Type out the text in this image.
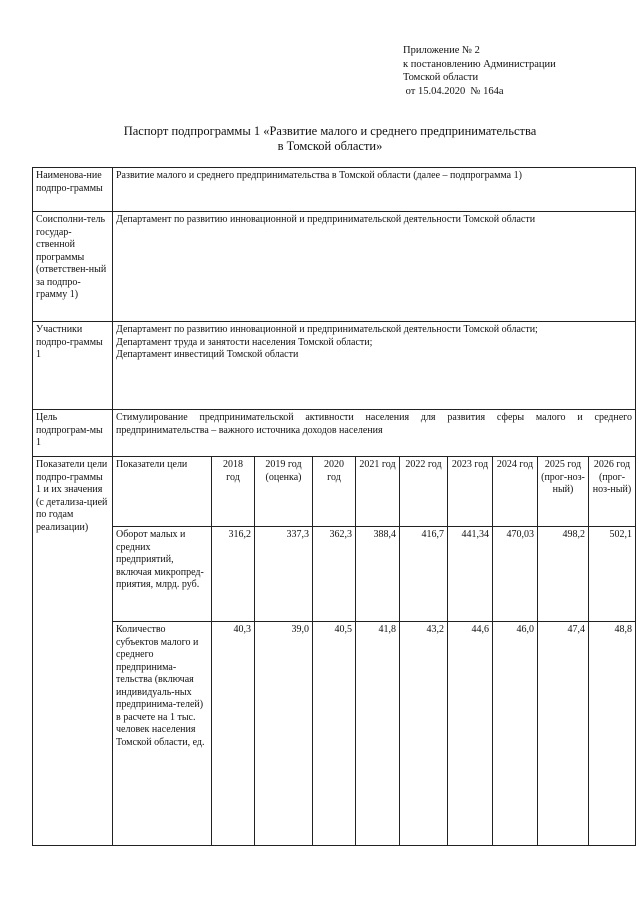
Приложение № 2
к постановлению Администрации
Томской области
от 15.04.2020  № 164а
Паспорт подпрограммы 1 «Развитие малого и среднего предпринимательства
в Томской области»
Наименова-ние подпро-граммы	Развитие малого и среднего предпринимательства в Томской области (далее – подпрограмма 1)									
Соисполни-тель государ-ственной программы (ответствен-ный за подпро-грамму 1)	Департамент по развитию инновационной и предпринимательской деятельности Томской области									
Участники подпро-граммы 1	Департамент по развитию инновационной и предпринимательской деятельности Томской области;
Департамент труда и занятости населения Томской области;
Департамент инвестиций Томской области									

Цель подпрограм-мы 1	Стимулирование предпринимательской активности населения для развития сферы малого и среднего предпринимательства – важного источника доходов населения									
Показатели цели подпро-граммы 1 и их значения (с детализа-цией по годам реализации)	Показатели цели	2018 год	2019 год (оценка)	2020 год	2021 год	2022 год	2023 год	2024 год	2025 год (прог-ноз-ный)	2026 год (прог-ноз-ный)
	Оборот малых и средних предприятий, включая микропред-приятия, млрд. руб.	316,2	337,3	362,3	388,4	416,7	441,34	470,03	498,2	502,1
	Количество субъектов малого и среднего предпринима-тельства (включая индивидуаль-ных предпринима-телей) в расчете на 1 тыс. человек населения Томской области, ед.	40,3	39,0	40,5	41,8	43,2	44,6	46,0	47,4	48,8
